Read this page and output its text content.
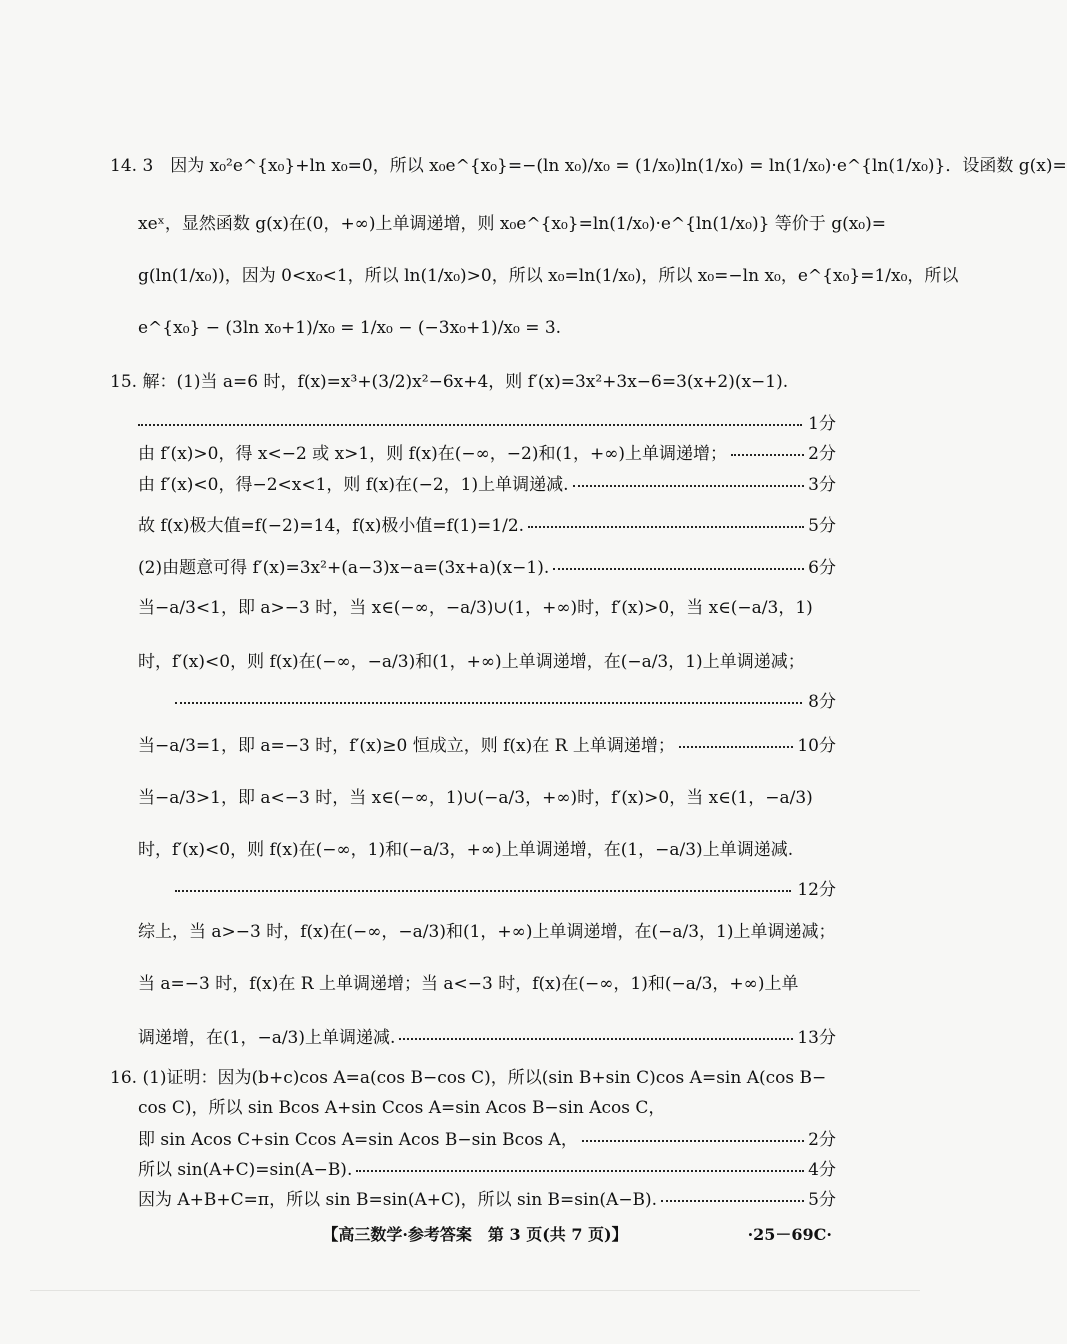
14. 3　因为 x₀²e^{x₀}+ln x₀=0，所以 x₀e^{x₀}=−(ln x₀)/x₀ = (1/x₀)ln(1/x₀) = ln(1/x₀)·e^{ln(1/x₀)}．设函数 g(x)=
xeˣ，显然函数 g(x)在(0，+∞)上单调递增，则 x₀e^{x₀}=ln(1/x₀)·e^{ln(1/x₀)} 等价于 g(x₀)=
g(ln(1/x₀))，因为 0<x₀<1，所以 ln(1/x₀)>0，所以 x₀=ln(1/x₀)，所以 x₀=−ln x₀，e^{x₀}=1/x₀，所以
e^{x₀} − (3ln x₀+1)/x₀ = 1/x₀ − (−3x₀+1)/x₀ = 3.
15. 解：(1)当 a=6 时，f(x)=x³+(3/2)x²−6x+4，则 f′(x)=3x²+3x−6=3(x+2)(x−1).
1分
由 f′(x)>0，得 x<−2 或 x>1，则 f(x)在(−∞，−2)和(1，+∞)上单调递增；	2分
由 f′(x)<0，得−2<x<1，则 f(x)在(−2，1)上单调递减.	3分
故 f(x)极大值=f(−2)=14，f(x)极小值=f(1)=1/2.	5分
(2)由题意可得 f′(x)=3x²+(a−3)x−a=(3x+a)(x−1).	6分
当−a/3<1，即 a>−3 时，当 x∈(−∞，−a/3)∪(1，+∞)时，f′(x)>0，当 x∈(−a/3，1)
时，f′(x)<0，则 f(x)在(−∞，−a/3)和(1，+∞)上单调递增，在(−a/3，1)上单调递减；
8分
当−a/3=1，即 a=−3 时，f′(x)≥0 恒成立，则 f(x)在 R 上单调递增；	10分
当−a/3>1，即 a<−3 时，当 x∈(−∞，1)∪(−a/3，+∞)时，f′(x)>0，当 x∈(1，−a/3)
时，f′(x)<0，则 f(x)在(−∞，1)和(−a/3，+∞)上单调递增，在(1，−a/3)上单调递减.
12分
综上，当 a>−3 时，f(x)在(−∞，−a/3)和(1，+∞)上单调递增，在(−a/3，1)上单调递减；
当 a=−3 时，f(x)在 R 上单调递增；当 a<−3 时，f(x)在(−∞，1)和(−a/3，+∞)上单
调递增，在(1，−a/3)上单调递减.	13分
16. (1)证明：因为(b+c)cos A=a(cos B−cos C)，所以(sin B+sin C)cos A=sin A(cos B−
cos C)，所以 sin Bcos A+sin Ccos A=sin Acos B−sin Acos C，
即 sin Acos C+sin Ccos A=sin Acos B−sin Bcos A，	2分
所以 sin(A+C)=sin(A−B).	4分
因为 A+B+C=π，所以 sin B=sin(A+C)，所以 sin B=sin(A−B).	5分
【高三数学·参考答案　第 3 页(共 7 页)】	·25－69C·
